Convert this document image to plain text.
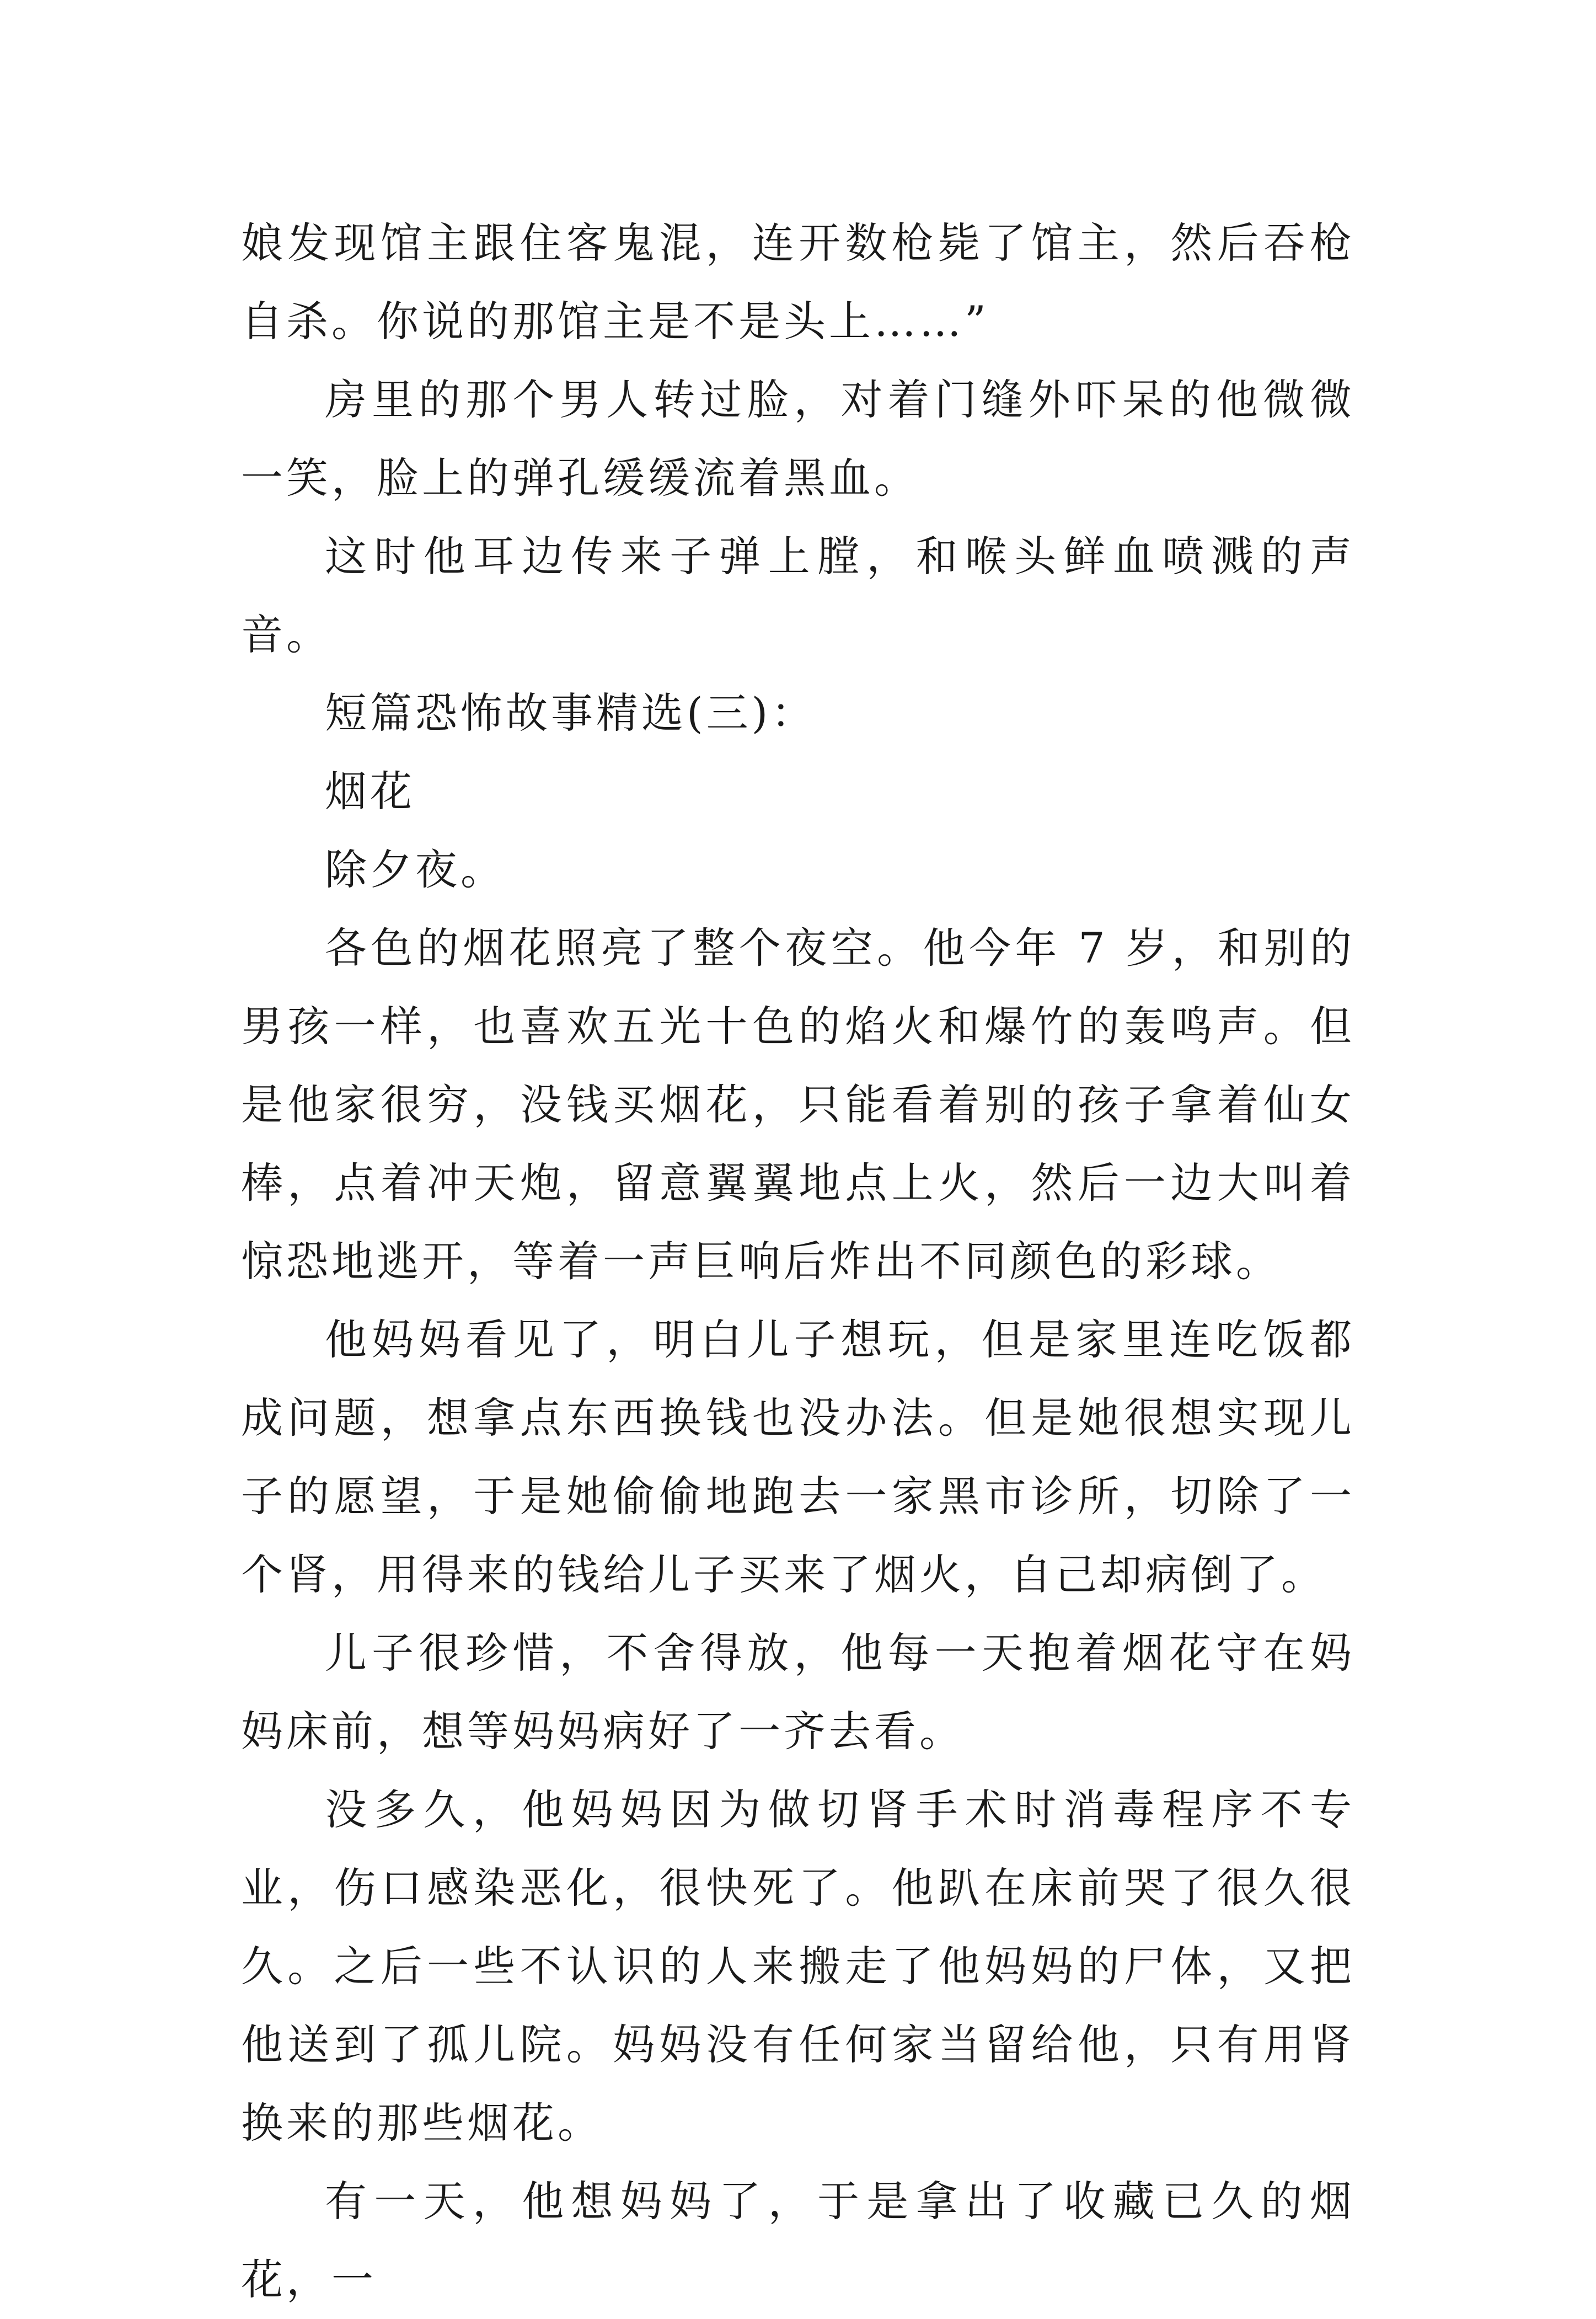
娘发现馆主跟住客鬼混，连开数枪毙了馆主，然后吞枪自杀。你说的那馆主是不是头上……”

房里的那个男人转过脸，对着门缝外吓呆的他微微一笑，脸上的弹孔缓缓流着黑血。

这时他耳边传来子弹上膛，和喉头鲜血喷溅的声音。

短篇恐怖故事精选(三)：

烟花

除夕夜。

各色的烟花照亮了整个夜空。他今年 7 岁，和别的男孩一样，也喜欢五光十色的焰火和爆竹的轰鸣声。但是他家很穷，没钱买烟花，只能看着别的孩子拿着仙女棒，点着冲天炮，留意翼翼地点上火，然后一边大叫着惊恐地逃开，等着一声巨响后炸出不同颜色的彩球。

他妈妈看见了，明白儿子想玩，但是家里连吃饭都成问题，想拿点东西换钱也没办法。但是她很想实现儿子的愿望，于是她偷偷地跑去一家黑市诊所，切除了一个肾，用得来的钱给儿子买来了烟火，自己却病倒了。

儿子很珍惜，不舍得放，他每一天抱着烟花守在妈妈床前，想等妈妈病好了一齐去看。

没多久，他妈妈因为做切肾手术时消毒程序不专业，伤口感染恶化，很快死了。他趴在床前哭了很久很久。之后一些不认识的人来搬走了他妈妈的尸体，又把他送到了孤儿院。妈妈没有任何家当留给他，只有用肾换来的那些烟花。

有一天，他想妈妈了，于是拿出了收藏已久的烟花，一
